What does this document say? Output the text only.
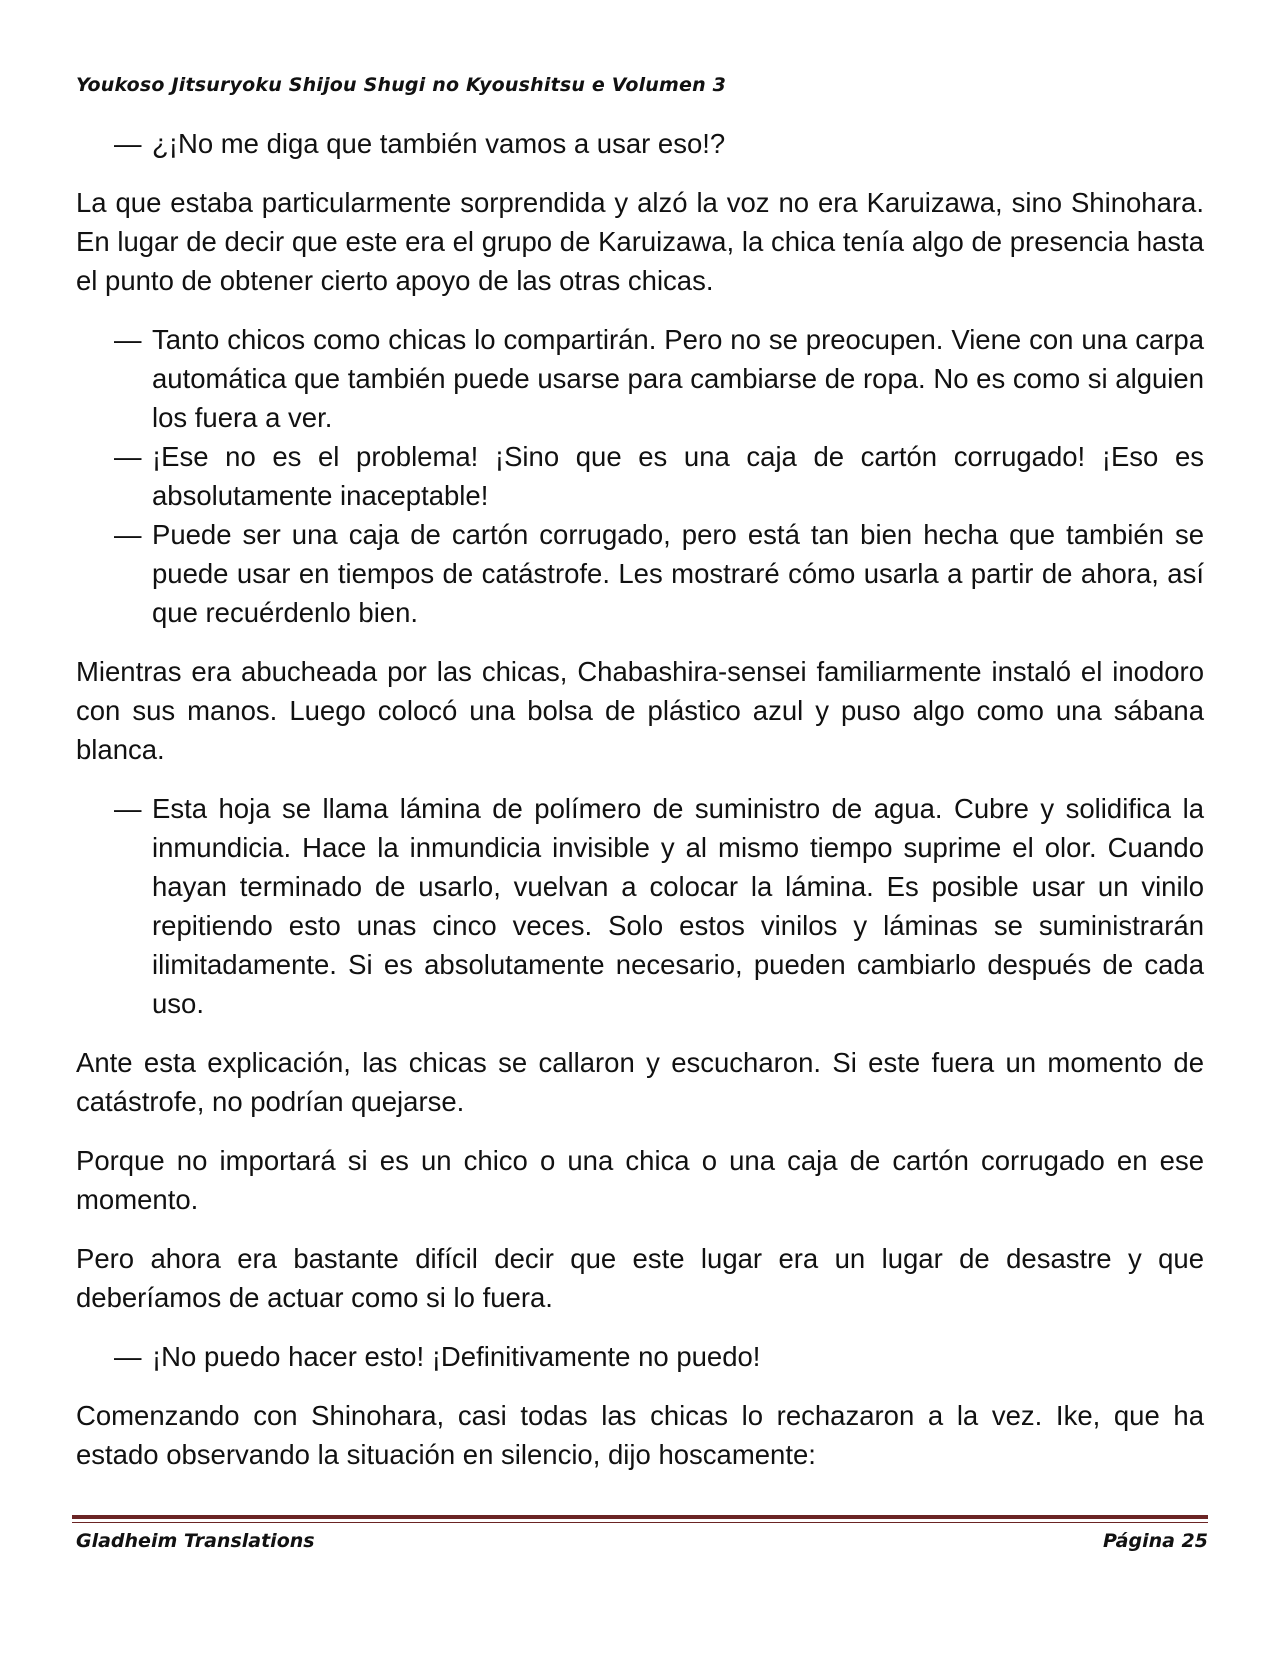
Youkoso Jitsuryoku Shijou Shugi no Kyoushitsu e Volumen 3

— ¿¡No me diga que también vamos a usar eso!?

La que estaba particularmente sorprendida y alzó la voz no era Karuizawa, sino Shinohara. En lugar de decir que este era el grupo de Karuizawa, la chica tenía algo de presencia hasta el punto de obtener cierto apoyo de las otras chicas.

— Tanto chicos como chicas lo compartirán. Pero no se preocupen. Viene con una carpa automática que también puede usarse para cambiarse de ropa. No es como si alguien los fuera a ver.

— ¡Ese no es el problema! ¡Sino que es una caja de cartón corrugado! ¡Eso es absolutamente inaceptable!

— Puede ser una caja de cartón corrugado, pero está tan bien hecha que también se puede usar en tiempos de catástrofe. Les mostraré cómo usarla a partir de ahora, así que recuérdenlo bien.

Mientras era abucheada por las chicas, Chabashira-sensei familiarmente instaló el inodoro con sus manos. Luego colocó una bolsa de plástico azul y puso algo como una sábana blanca.

— Esta hoja se llama lámina de polímero de suministro de agua. Cubre y solidifica la inmundicia. Hace la inmundicia invisible y al mismo tiempo suprime el olor. Cuando hayan terminado de usarlo, vuelvan a colocar la lámina. Es posible usar un vinilo repitiendo esto unas cinco veces. Solo estos vinilos y láminas se suministrarán ilimitadamente. Si es absolutamente necesario, pueden cambiarlo después de cada uso.

Ante esta explicación, las chicas se callaron y escucharon. Si este fuera un momento de catástrofe, no podrían quejarse.

Porque no importará si es un chico o una chica o una caja de cartón corrugado en ese momento.

Pero ahora era bastante difícil decir que este lugar era un lugar de desastre y que deberíamos de actuar como si lo fuera.

— ¡No puedo hacer esto! ¡Definitivamente no puedo!

Comenzando con Shinohara, casi todas las chicas lo rechazaron a la vez. Ike, que ha estado observando la situación en silencio, dijo hoscamente:

Gladheim Translations	Página 25
